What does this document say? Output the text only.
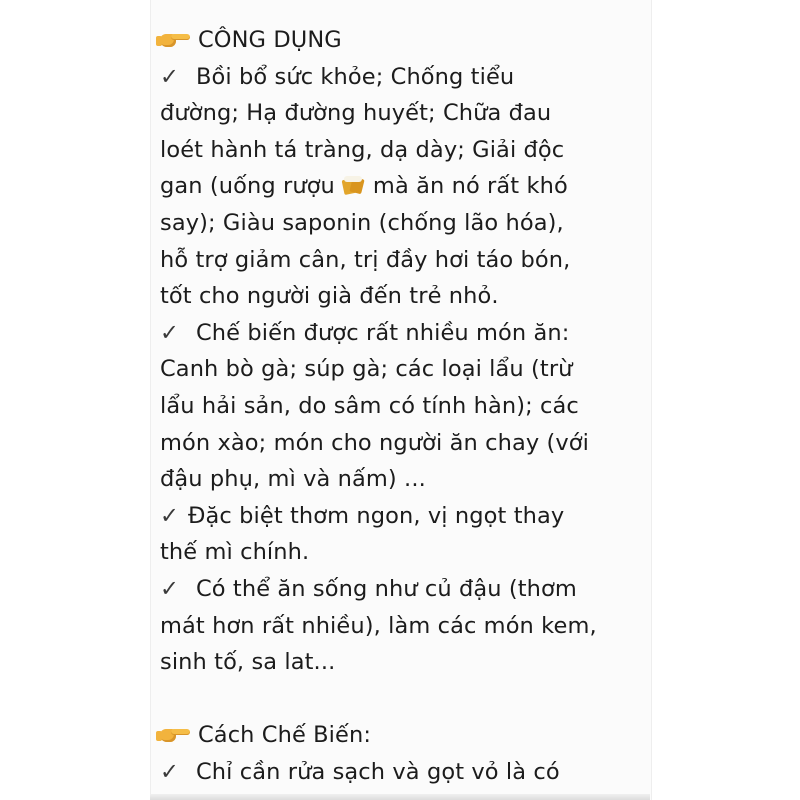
CÔNG DỤNG
✓ Bồi bổ sức khỏe; Chống tiểu
đường; Hạ đường huyết; Chữa đau
loét hành tá tràng, dạ dày; Giải độc
gan (uống rượu mà ăn nó rất khó
say); Giàu saponin (chống lão hóa),
hỗ trợ giảm cân, trị đầy hơi táo bón,
tốt cho người già đến trẻ nhỏ.
✓ Chế biến được rất nhiều món ăn:
Canh bò gà; súp gà; các loại lẩu (trừ
lẩu hải sản, do sâm có tính hàn); các
món xào; món cho người ăn chay (với
đậu phụ, mì và nấm) ...
✓ Đặc biệt thơm ngon, vị ngọt thay
thế mì chính.
✓ Có thể ăn sống như củ đậu (thơm
mát hơn rất nhiều), làm các món kem,
sinh tố, sa lat...
Cách Chế Biến:
✓ Chỉ cần rửa sạch và gọt vỏ là có
